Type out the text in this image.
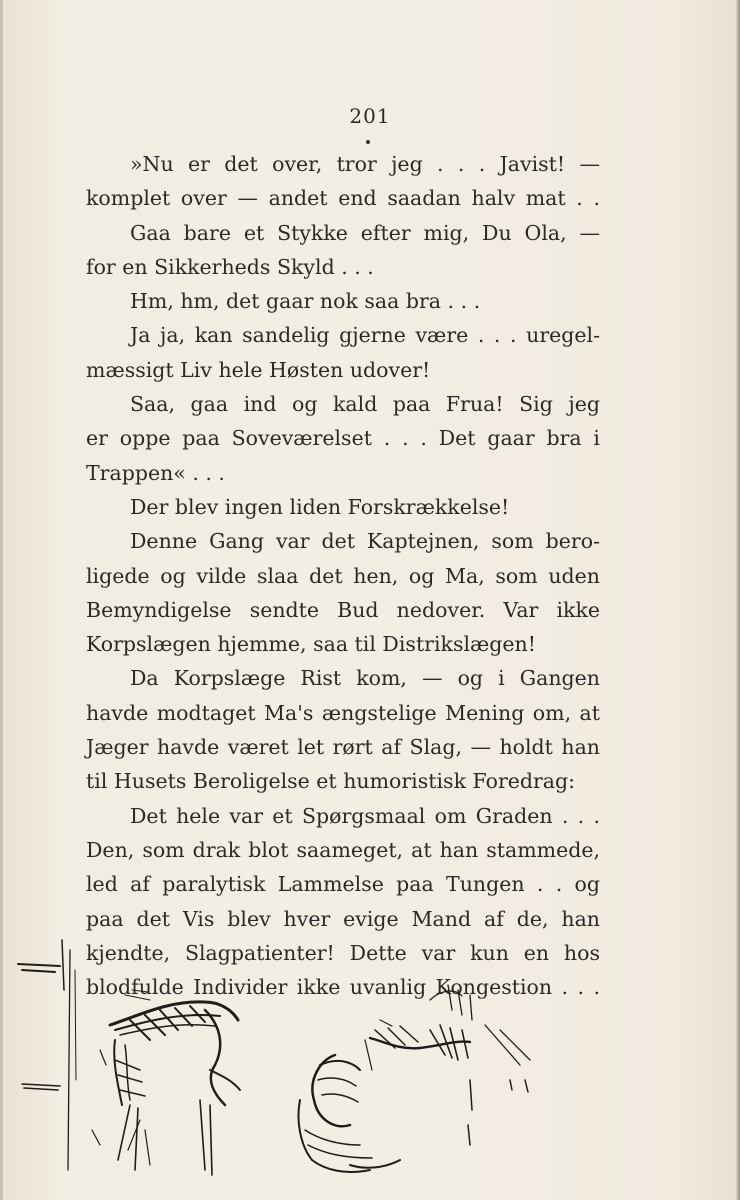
201
»Nu er det over, tror jeg . . . Javist! —
komplet over — andet end saadan halv mat . .
Gaa bare et Stykke efter mig, Du Ola, —
for en Sikkerheds Skyld . . .
Hm, hm, det gaar nok saa bra . . .
Ja ja, kan sandelig gjerne være . . . uregel-
mæssigt Liv hele Høsten udover!
Saa, gaa ind og kald paa Frua! Sig jeg
er oppe paa Soveværelset . . . Det gaar bra i
Trappen« . . .
Der blev ingen liden Forskrækkelse!
Denne Gang var det Kaptejnen, som bero-
ligede og vilde slaa det hen, og Ma, som uden
Bemyndigelse sendte Bud nedover. Var ikke
Korpslægen hjemme, saa til Distrikslægen!
Da Korpslæge Rist kom, — og i Gangen
havde modtaget Ma's ængstelige Mening om, at
Jæger havde været let rørt af Slag, — holdt han
til Husets Beroligelse et humoristisk Foredrag:
Det hele var et Spørgsmaal om Graden . . .
Den, som drak blot saameget, at han stammede,
led af paralytisk Lammelse paa Tungen . . og
paa det Vis blev hver evige Mand af de, han
kjendte, Slagpatienter! Dette var kun en hos
blodfulde Individer ikke uvanlig Kongestion . . .
